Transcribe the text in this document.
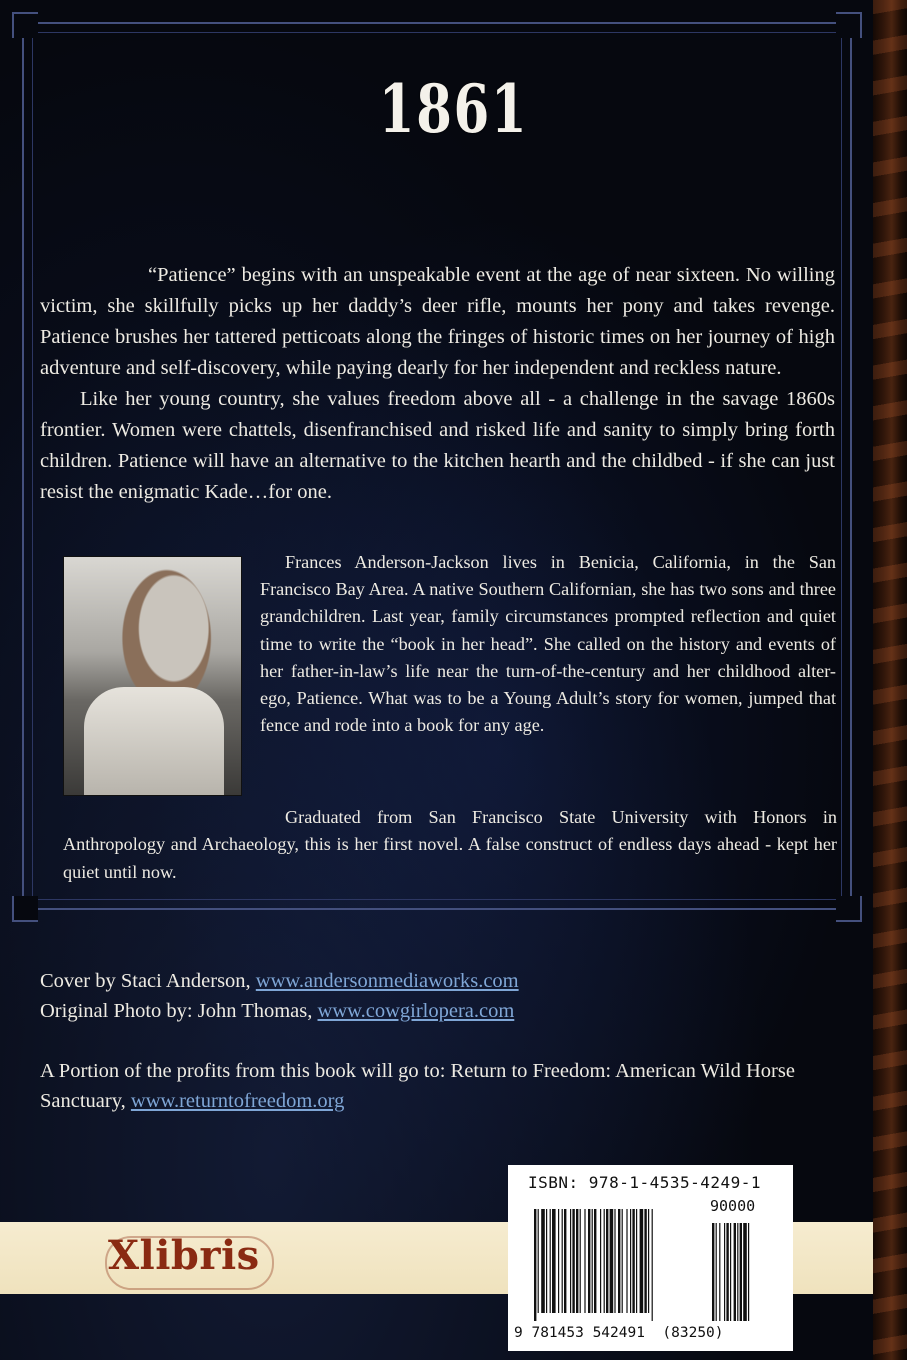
1861
“Patience” begins with an unspeakable event at the age of near sixteen. No willing victim, she skillfully picks up her daddy’s deer rifle, mounts her pony and takes revenge. Patience brushes her tattered petticoats along the fringes of historic times on her journey of high adventure and self-discovery, while paying dearly for her independent and reckless nature.
Like her young country, she values freedom above all - a challenge in the savage 1860s frontier. Women were chattels, disenfranchised and risked life and sanity to simply bring forth children. Patience will have an alternative to the kitchen hearth and the childbed - if she can just resist the enigmatic Kade…for one.
Frances Anderson-Jackson lives in Benicia, California, in the San Francisco Bay Area. A native Southern Californian, she has two sons and three grandchildren. Last year, family circumstances prompted reflection and quiet time to write the “book in her head”. She called on the history and events of her father-in-law’s life near the turn-of-the-century and her childhood alter-ego, Patience. What was to be a Young Adult’s story for women, jumped that fence and rode into a book for any age.
Graduated from San Francisco State University with Honors in Anthropology and Archaeology, this is her first novel. A false construct of endless days ahead - kept her quiet until now.
Cover by Staci Anderson, www.andersonmediaworks.com
Original Photo by: John Thomas, www.cowgirlopera.com
A Portion of the profits from this book will go to: Return to Freedom: American Wild Horse Sanctuary, www.returntofreedom.org
Xlibris
ISBN: 978-1-4535-4249-1
90000
9 781453 542491  (83250)
